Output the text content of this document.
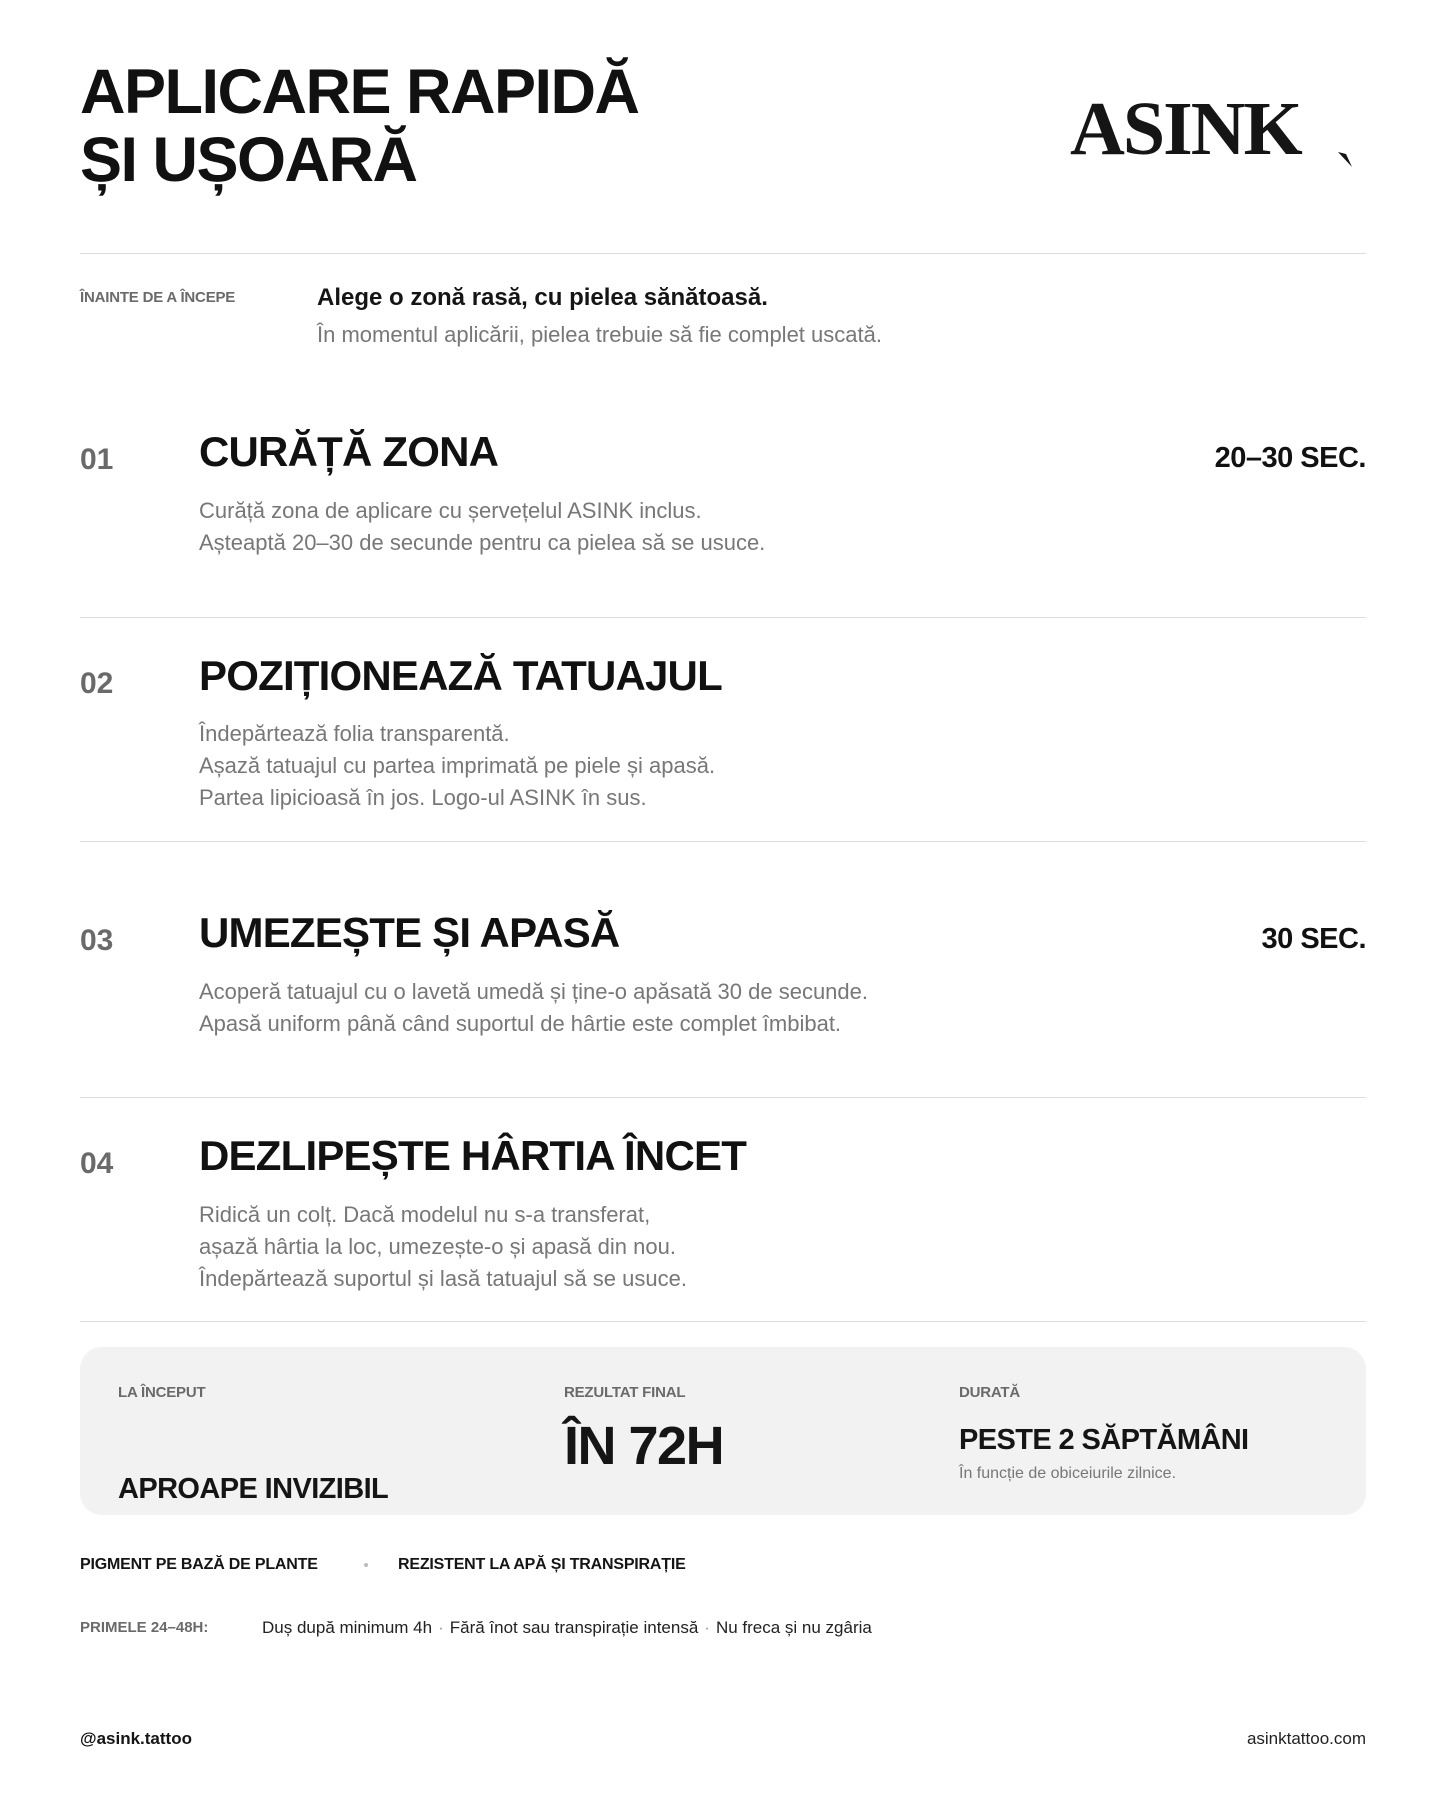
APLICARE RAPIDĂ
ȘI UȘOARĂ	ASINK
ÎNAINTE DE A ÎNCEPE	Alege o zonă rasă, cu pielea sănătoasă.
În momentul aplicării, pielea trebuie să fie complet uscată.
01 CURĂȚĂ ZONA	20–30 SEC.
Curăță zona de aplicare cu șervețelul ASINK inclus.
Așteaptă 20–30 de secunde pentru ca pielea să se usuce.
02 POZIȚIONEAZĂ TATUAJUL
Îndepărtează folia transparentă.
Așază tatuajul cu partea imprimată pe piele și apasă.
Partea lipicioasă în jos. Logo-ul ASINK în sus.
03 UMEZEȘTE ȘI APASĂ	30 SEC.
Acoperă tatuajul cu o lavetă umedă și ține-o apăsată 30 de secunde.
Apasă uniform până când suportul de hârtie este complet îmbibat.
04 DEZLIPEȘTE HÂRTIA ÎNCET
Ridică un colț. Dacă modelul nu s-a transferat,
așază hârtia la loc, umezește-o și apasă din nou.
Îndepărtează suportul și lasă tatuajul să se usuce.
LA ÎNCEPUT
APROAPE INVIZIBIL
REZULTAT FINAL
ÎN 72H
DURATĂ
PESTE 2 SĂPTĂMÂNI
În funcție de obiceiurile zilnice.
PIGMENT PE BAZĂ DE PLANTE	REZISTENT LA APĂ ȘI TRANSPIRAȚIE
PRIMELE 24–48H:	Duș după minimum 4h · Fără înot sau transpirație intensă · Nu freca și nu zgâria
@asink.tattoo	asinktattoo.com
